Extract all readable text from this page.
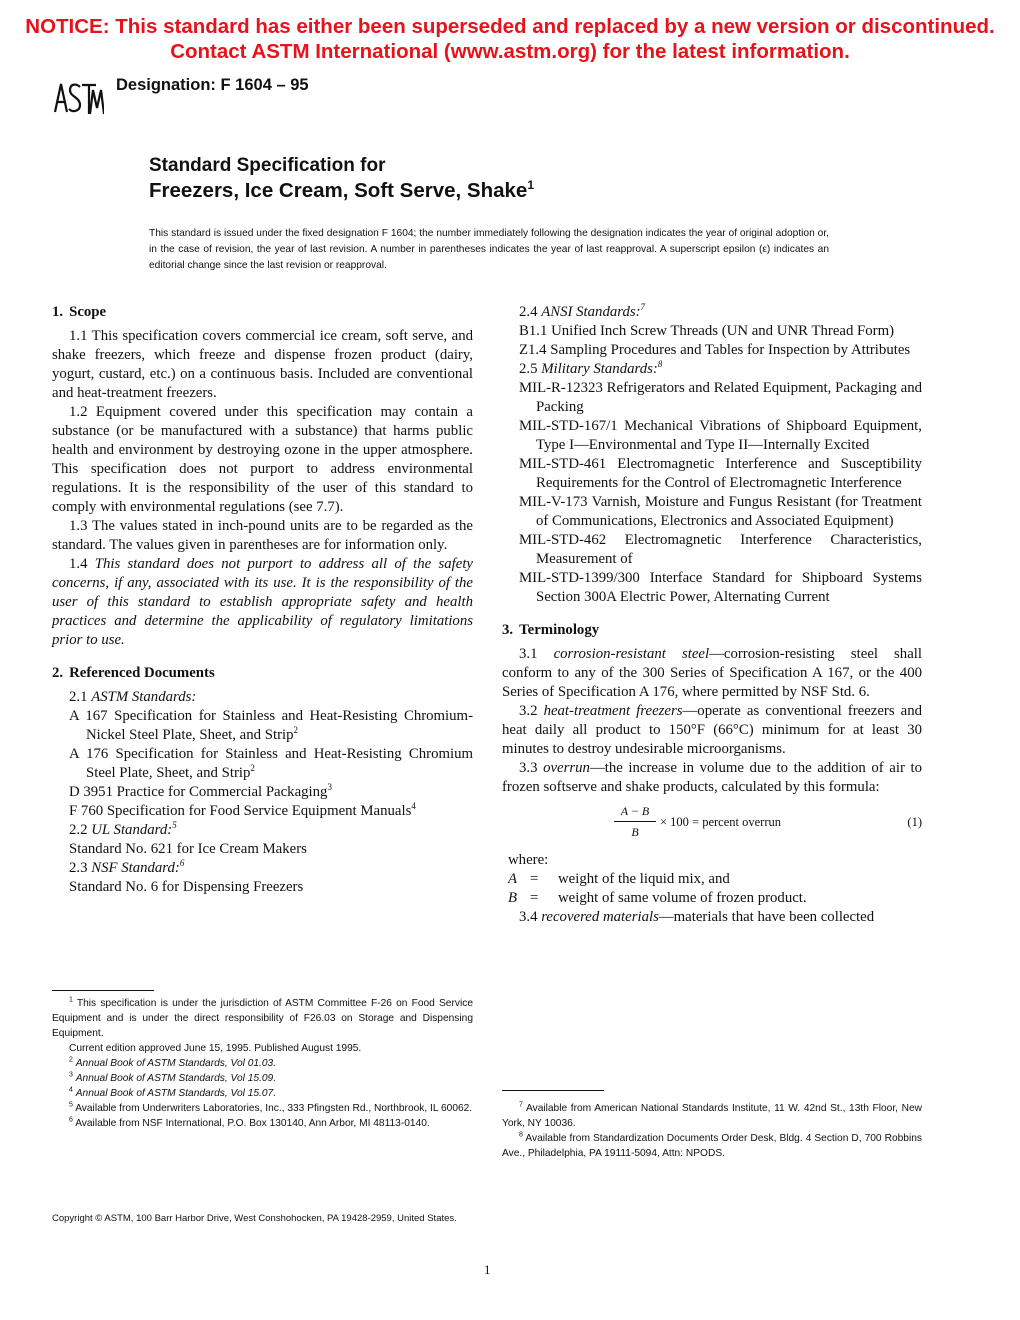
NOTICE: This standard has either been superseded and replaced by a new version or discontinued.
Contact ASTM International (www.astm.org) for the latest information.
Designation: F 1604 – 95
Standard Specification for
Freezers, Ice Cream, Soft Serve, Shake$^1$
This standard is issued under the fixed designation F 1604; the number immediately following the designation indicates the year of original adoption or, in the case of revision, the year of last revision. A number in parentheses indicates the year of last reapproval. A superscript epsilon (ε) indicates an editorial change since the last revision or reapproval.
1. Scope

1.1 This specification covers commercial ice cream, soft serve, and shake freezers, which freeze and dispense frozen product (dairy, yogurt, custard, etc.) on a continuous basis. Included are conventional and heat-treatment freezers.

1.2 Equipment covered under this specification may contain a substance (or be manufactured with a substance) that harms public health and environment by destroying ozone in the upper atmosphere. This specification does not purport to address environmental regulations. It is the responsibility of the user of this standard to comply with environmental regulations (see 7.7).

1.3 The values stated in inch-pound units are to be regarded as the standard. The values given in parentheses are for information only.

1.4 This standard does not purport to address all of the safety concerns, if any, associated with its use. It is the responsibility of the user of this standard to establish appropriate safety and health practices and determine the applicability of regulatory limitations prior to use.

2. Referenced Documents

2.1 ASTM Standards:

A 167 Specification for Stainless and Heat-Resisting Chromium-Nickel Steel Plate, Sheet, and Strip$^2$

A 176 Specification for Stainless and Heat-Resisting Chromium Steel Plate, Sheet, and Strip$^2$

D 3951 Practice for Commercial Packaging$^3$

F 760 Specification for Food Service Equipment Manuals$^4$

2.2 UL Standard:$^5$

Standard No. 621 for Ice Cream Makers

2.3 NSF Standard:$^6$

Standard No. 6 for Dispensing Freezers

2.4 ANSI Standards:$^7$

B1.1 Unified Inch Screw Threads (UN and UNR Thread Form)

Z1.4 Sampling Procedures and Tables for Inspection by Attributes

2.5 Military Standards:$^8$

MIL-R-12323 Refrigerators and Related Equipment, Packaging and Packing

MIL-STD-167/1 Mechanical Vibrations of Shipboard Equipment, Type I—Environmental and Type II—Internally Excited

MIL-STD-461 Electromagnetic Interference and Susceptibility Requirements for the Control of Electromagnetic Interference

MIL-V-173 Varnish, Moisture and Fungus Resistant (for Treatment of Communications, Electronics and Associated Equipment)

MIL-STD-462 Electromagnetic Interference Characteristics, Measurement of

MIL-STD-1399/300 Interface Standard for Shipboard Systems Section 300A Electric Power, Alternating Current

3. Terminology

3.1 corrosion-resistant steel—corrosion-resisting steel shall conform to any of the 300 Series of Specification A 167, or the 400 Series of Specification A 176, where permitted by NSF Std. 6.

3.2 heat-treatment freezers—operate as conventional freezers and heat daily all product to 150°F (66°C) minimum for at least 30 minutes to destroy undesirable microorganisms.

3.3 overrun—the increase in volume due to the addition of air to frozen softserve and shake products, calculated by this formula:

A − B
B
× 100 = percent overrun	(1)

where:

A =	weight of the liquid mix, and
B =	weight of same volume of frozen product.

3.4 recovered materials—materials that have been collected

$^1$ This specification is under the jurisdiction of ASTM Committee F-26 on Food Service Equipment and is under the direct responsibility of F26.03 on Storage and Dispensing Equipment.

Current edition approved June 15, 1995. Published August 1995.

$^2$ Annual Book of ASTM Standards, Vol 01.03.

$^3$ Annual Book of ASTM Standards, Vol 15.09.

$^4$ Annual Book of ASTM Standards, Vol 15.07.

$^5$ Available from Underwriters Laboratories, Inc., 333 Pfingsten Rd., Northbrook, IL 60062.

$^6$ Available from NSF International, P.O. Box 130140, Ann Arbor, MI 48113-0140.

$^7$ Available from American National Standards Institute, 11 W. 42nd St., 13th Floor, New York, NY 10036.

$^8$ Available from Standardization Documents Order Desk, Bldg. 4 Section D, 700 Robbins Ave., Philadelphia, PA 19111-5094, Attn: NPODS.

Copyright © ASTM, 100 Barr Harbor Drive, West Conshohocken, PA 19428-2959, United States.
1
